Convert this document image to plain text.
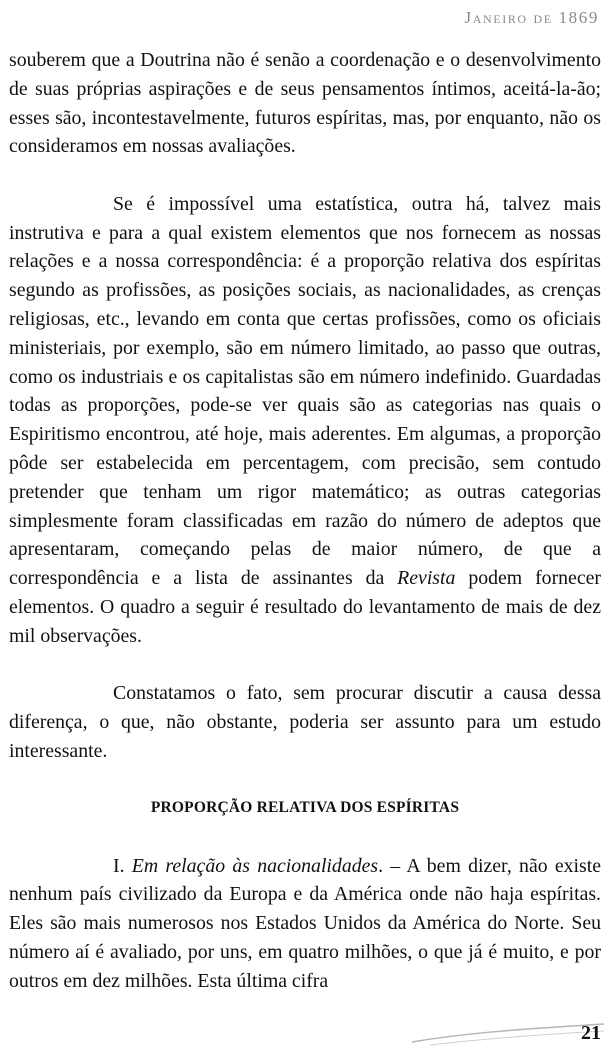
Janeiro de 1869

souberem que a Doutrina não é senão a coordenação e o desenvolvimento de suas próprias aspirações e de seus pensamentos íntimos, aceitá-la-ão; esses são, incontestavelmente, futuros espíritas, mas, por enquanto, não os consideramos em nossas avaliações.

Se é impossível uma estatística, outra há, talvez mais instrutiva e para a qual existem elementos que nos fornecem as nossas relações e a nossa correspondência: é a proporção relativa dos espíritas segundo as profissões, as posições sociais, as nacionalidades, as crenças religiosas, etc., levando em conta que certas profissões, como os oficiais ministeriais, por exemplo, são em número limitado, ao passo que outras, como os industriais e os capitalistas são em número indefinido. Guardadas todas as proporções, pode-se ver quais são as categorias nas quais o Espiritismo encontrou, até hoje, mais aderentes. Em algumas, a proporção pôde ser estabelecida em percentagem, com precisão, sem contudo pretender que tenham um rigor matemático; as outras categorias simplesmente foram classificadas em razão do número de adeptos que apresentaram, começando pelas de maior número, de que a correspondência e a lista de assinantes da Revista podem fornecer elementos. O quadro a seguir é resultado do levantamento de mais de dez mil observações.

Constatamos o fato, sem procurar discutir a causa dessa diferença, o que, não obstante, poderia ser assunto para um estudo interessante.

PROPORÇÃO RELATIVA DOS ESPÍRITAS

I. Em relação às nacionalidades. – A bem dizer, não existe nenhum país civilizado da Europa e da América onde não haja espíritas. Eles são mais numerosos nos Estados Unidos da América do Norte. Seu número aí é avaliado, por uns, em quatro milhões, o que já é muito, e por outros em dez milhões. Esta última cifra

21
